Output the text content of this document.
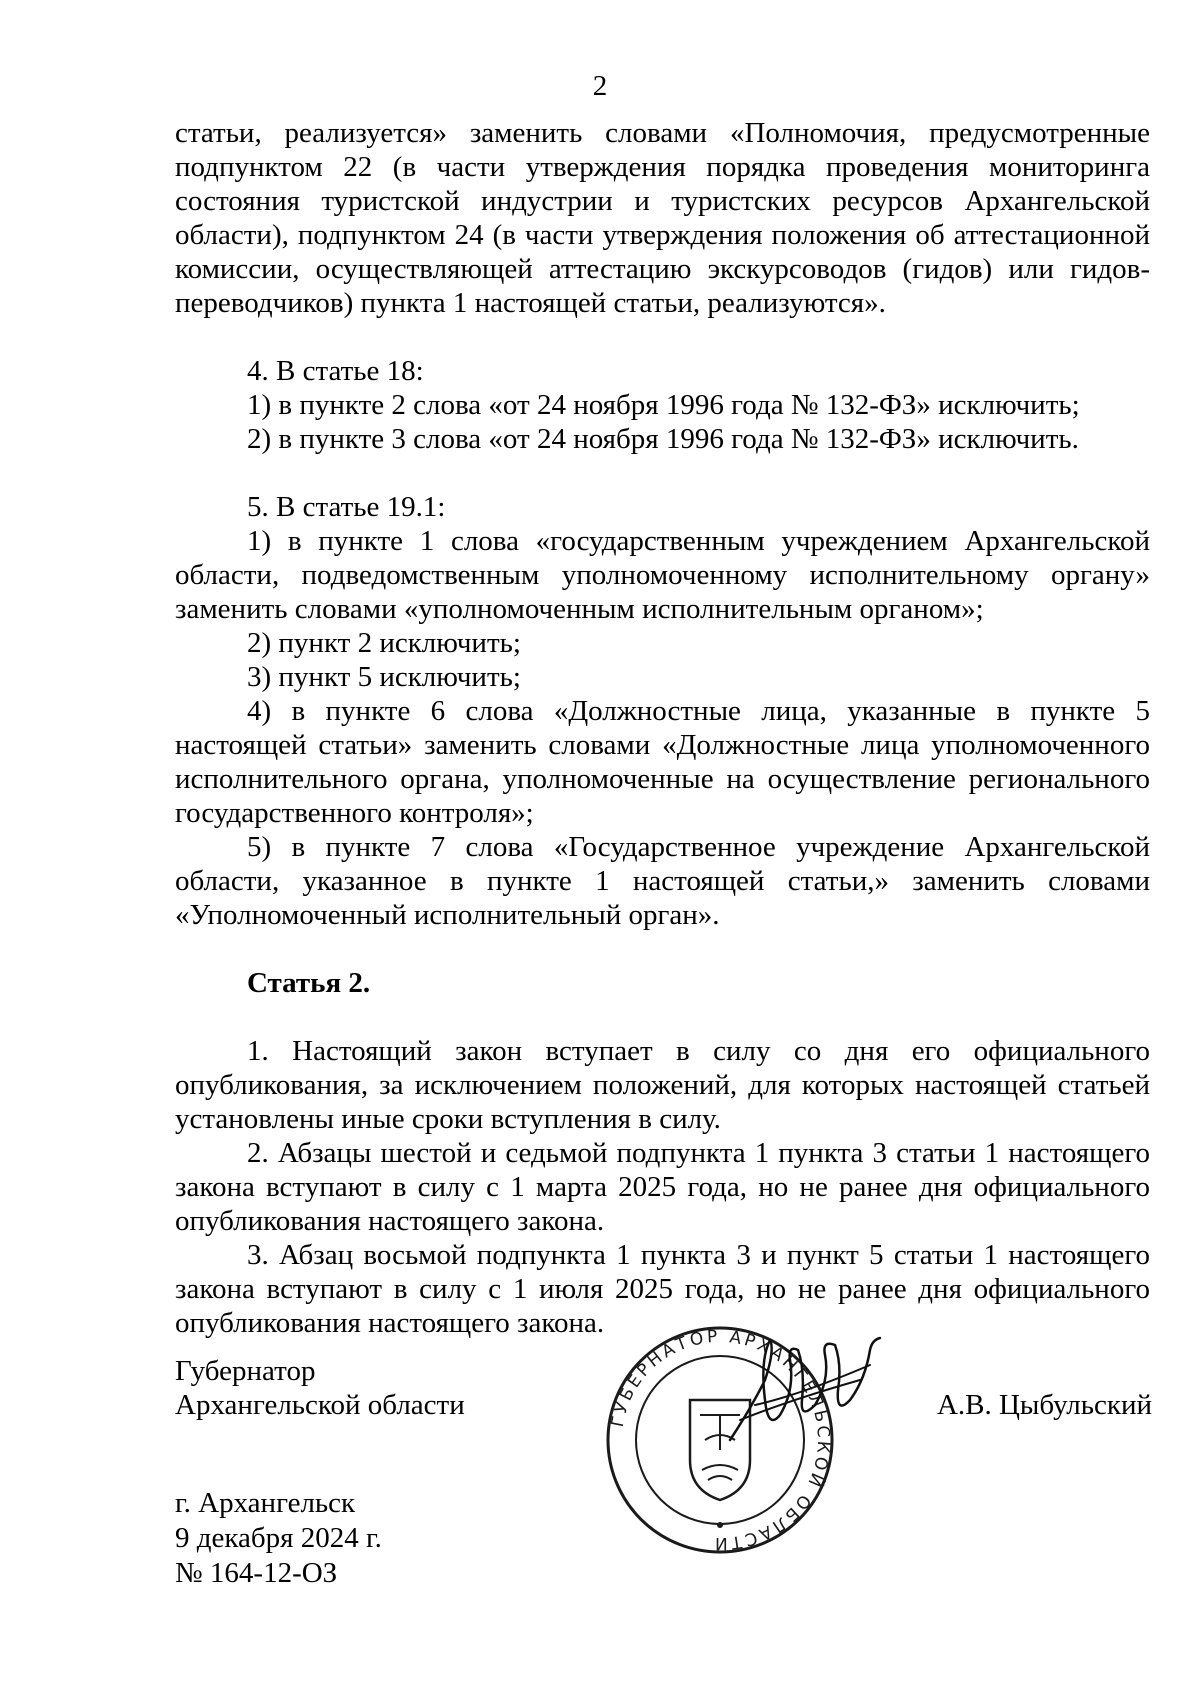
2

статьи, реализуется» заменить словами «Полномочия, предусмотренные подпунктом 22 (в части утверждения порядка проведения мониторинга состояния туристской индустрии и туристских ресурсов Архангельской области), подпунктом 24 (в части утверждения положения об аттестационной комиссии, осуществляющей аттестацию экскурсоводов (гидов) или гидов-переводчиков) пункта 1 настоящей статьи, реализуются».

4. В статье 18:

1) в пункте 2 слова «от 24 ноября 1996 года № 132-ФЗ» исключить;

2) в пункте 3 слова «от 24 ноября 1996 года № 132-ФЗ» исключить.

5. В статье 19.1:

1) в пункте 1 слова «государственным учреждением Архангельской области, подведомственным уполномоченному исполнительному органу» заменить словами «уполномоченным исполнительным органом»;

2) пункт 2 исключить;

3) пункт 5 исключить;

4) в пункте 6 слова «Должностные лица, указанные в пункте 5 настоящей статьи» заменить словами «Должностные лица уполномоченного исполнительного органа, уполномоченные на осуществление регионального государственного контроля»;

5) в пункте 7 слова «Государственное учреждение Архангельской области, указанное в пункте 1 настоящей статьи,» заменить словами «Уполномоченный исполнительный орган».

Статья 2.

1. Настоящий закон вступает в силу со дня его официального опубликования, за исключением положений, для которых настоящей статьей установлены иные сроки вступления в силу.

2. Абзацы шестой и седьмой подпункта 1 пункта 3 статьи 1 настоящего закона вступают в силу с 1 марта 2025 года, но не ранее дня официального опубликования настоящего закона.

3. Абзац восьмой подпункта 1 пункта 3 и пункт 5 статьи 1 настоящего закона вступают в силу с 1 июля 2025 года, но не ранее дня официального опубликования настоящего закона.

Губернатор
Архангельской области	А.В. Цыбульский
ГУБЕРНАТОР АРХАНГЕЛЬСКОЙ ОБЛАСТИ
г. Архангельск
9 декабря 2024 г.
№ 164-12-ОЗ
